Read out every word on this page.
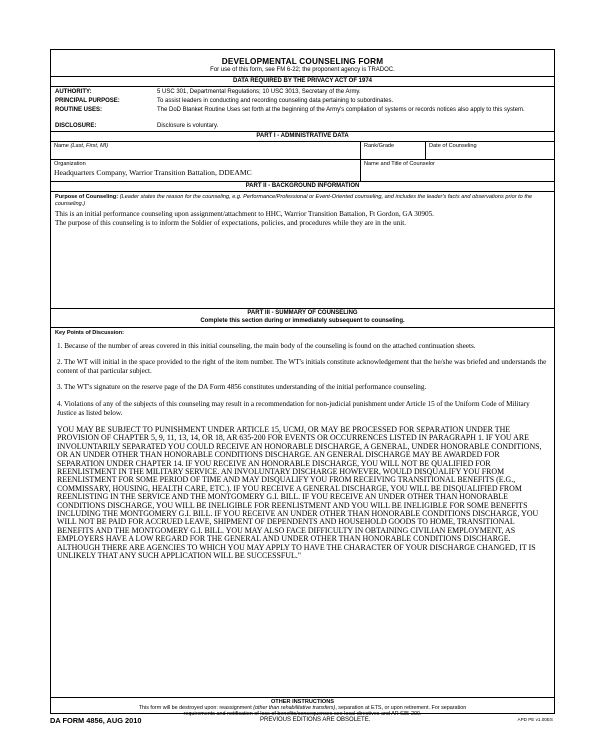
DEVELOPMENTAL COUNSELING FORM
For use of this form, see FM 6-22; the proponent agency is TRADOC.
DATA REQUIRED BY THE PRIVACY ACT OF 1974
AUTHORITY:	5 USC 301, Departmental Regulations; 10 USC 3013, Secretary of the Army.
PRINCIPAL PURPOSE:	To assist leaders in conducting and recording counseling data pertaining to subordinates.
ROUTINE USES:	The DoD Blanket Routine Uses set forth at the beginning of the Army's compilation of systems or records notices also apply to this system.
DISCLOSURE:	Disclosure is voluntary.
PART I - ADMINISTRATIVE DATA
Name (Last, First, MI)	Rank/Grade	Date of Counseling
Organization
Headquarters Company, Warrior Transition Battalion, DDEAMC
Name and Title of Counselor
PART II - BACKGROUND INFORMATION
Purpose of Counseling: (Leader states the reason for the counseling, e.g. Performance/Professional or Event-Oriented counseling, and includes the leader's facts and observations prior to the counseling.)
This is an initial performance counseling upon assignment/attachment to HHC, Warrior Transition Battalion, Ft Gordon, GA 30905.
The purpose of this counseling is to inform the Soldier of expectations, policies, and procedures while they are in the unit.
PART III - SUMMARY OF COUNSELING
Complete this section during or immediately subsequent to counseling.
Key Points of Discussion:
1. Because of the number of areas covered in this initial counseling, the main body of the counseling is found on the attached continuation sheets.
2. The WT will initial in the space provided to the right of the item number. The WT's initials constitute acknowledgement that the he/she was briefed and understands the content of that particular subject.
3. The WT's signature on the reserve page of the DA Form 4856 constitutes understanding of the initial performance counseling.
4. Violations of any of the subjects of this counseling may result in a recommendation for non-judicial punishment under Article 15 of the Uniform Code of Military Justice as listed below.
YOU MAY BE SUBJECT TO PUNISHMENT UNDER ARTICLE 15, UCMJ, OR MAY BE PROCESSED FOR SEPARATION UNDER THE PROVISION OF CHAPTER 5, 9, 11, 13, 14, OR 18, AR 635-200 FOR EVENTS OR OCCURRENCES LISTED IN PARAGRAPH 1. IF YOU ARE INVOLUNTARILY SEPARATED YOU COULD RECEIVE AN HONORABLE DISCHARGE, A GENERAL, UNDER HONORABLE CONDITIONS, OR AN UNDER OTHER THAN HONORABLE CONDITIONS DISCHARGE. AN GENERAL DISCHARGE MAY BE AWARDED FOR SEPARATION UNDER CHAPTER 14. IF YOU RECEIVE AN HONORABLE DISCHARGE, YOU WILL NOT BE QUALIFIED FOR REENLISTMENT IN THE MILITARY SERVICE. AN INVOLUNTARY DISCHARGE HOWEVER, WOULD DISQUALIFY YOU FROM REENLISTMENT FOR SOME PERIOD OF TIME AND MAY DISQUALIFY YOU FROM RECEIVING TRANSITIONAL BENEFITS (E.G., COMMISSARY, HOUSING, HEALTH CARE, ETC.). IF YOU RECEIVE A GENERAL DISCHARGE, YOU WILL BE DISQUALIFIED FROM REENLISTING IN THE SERVICE AND THE MONTGOMERY G.I. BILL. IF YOU RECEIVE AN UNDER OTHER THAN HONORABLE CONDITIONS DISCHARGE, YOU WILL BE INELIGIBLE FOR REENLISTMENT AND YOU WILL BE INELIGIBLE FOR SOME BENEFITS INCLUDING THE MONTGOMERY G.I. BILL. IF YOU RECEIVE AN UNDER OTHER THAN HONORABLE CONDITIONS DISCHARGE, YOU WILL NOT BE PAID FOR ACCRUED LEAVE, SHIPMENT OF DEPENDENTS AND HOUSEHOLD GOODS TO HOME, TRANSITIONAL BENEFITS AND THE MONTGOMERY G.I. BILL. YOU MAY ALSO FACE DIFFICULTY IN OBTAINING CIVILIAN EMPLOYMENT, AS EMPLOYERS HAVE A LOW REGARD FOR THE GENERAL AND UNDER OTHER THAN HONORABLE CONDITIONS DISCHARGE. ALTHOUGH THERE ARE AGENCIES TO WHICH YOU MAY APPLY TO HAVE THE CHARACTER OF YOUR DISCHARGE CHANGED, IT IS UNLIKELY THAT ANY SUCH APPLICATION WILL BE SUCCESSFUL."
OTHER INSTRUCTIONS
This form will be destroyed upon: reassignment (other than rehabilitative transfers), separation at ETS, or upon retirement. For separation
requirements and notification of loss of benefits/consequences see local directives and AR 635-200.
DA FORM 4856, AUG 2010	PREVIOUS EDITIONS ARE OBSOLETE.	APD PE v1.00ES
